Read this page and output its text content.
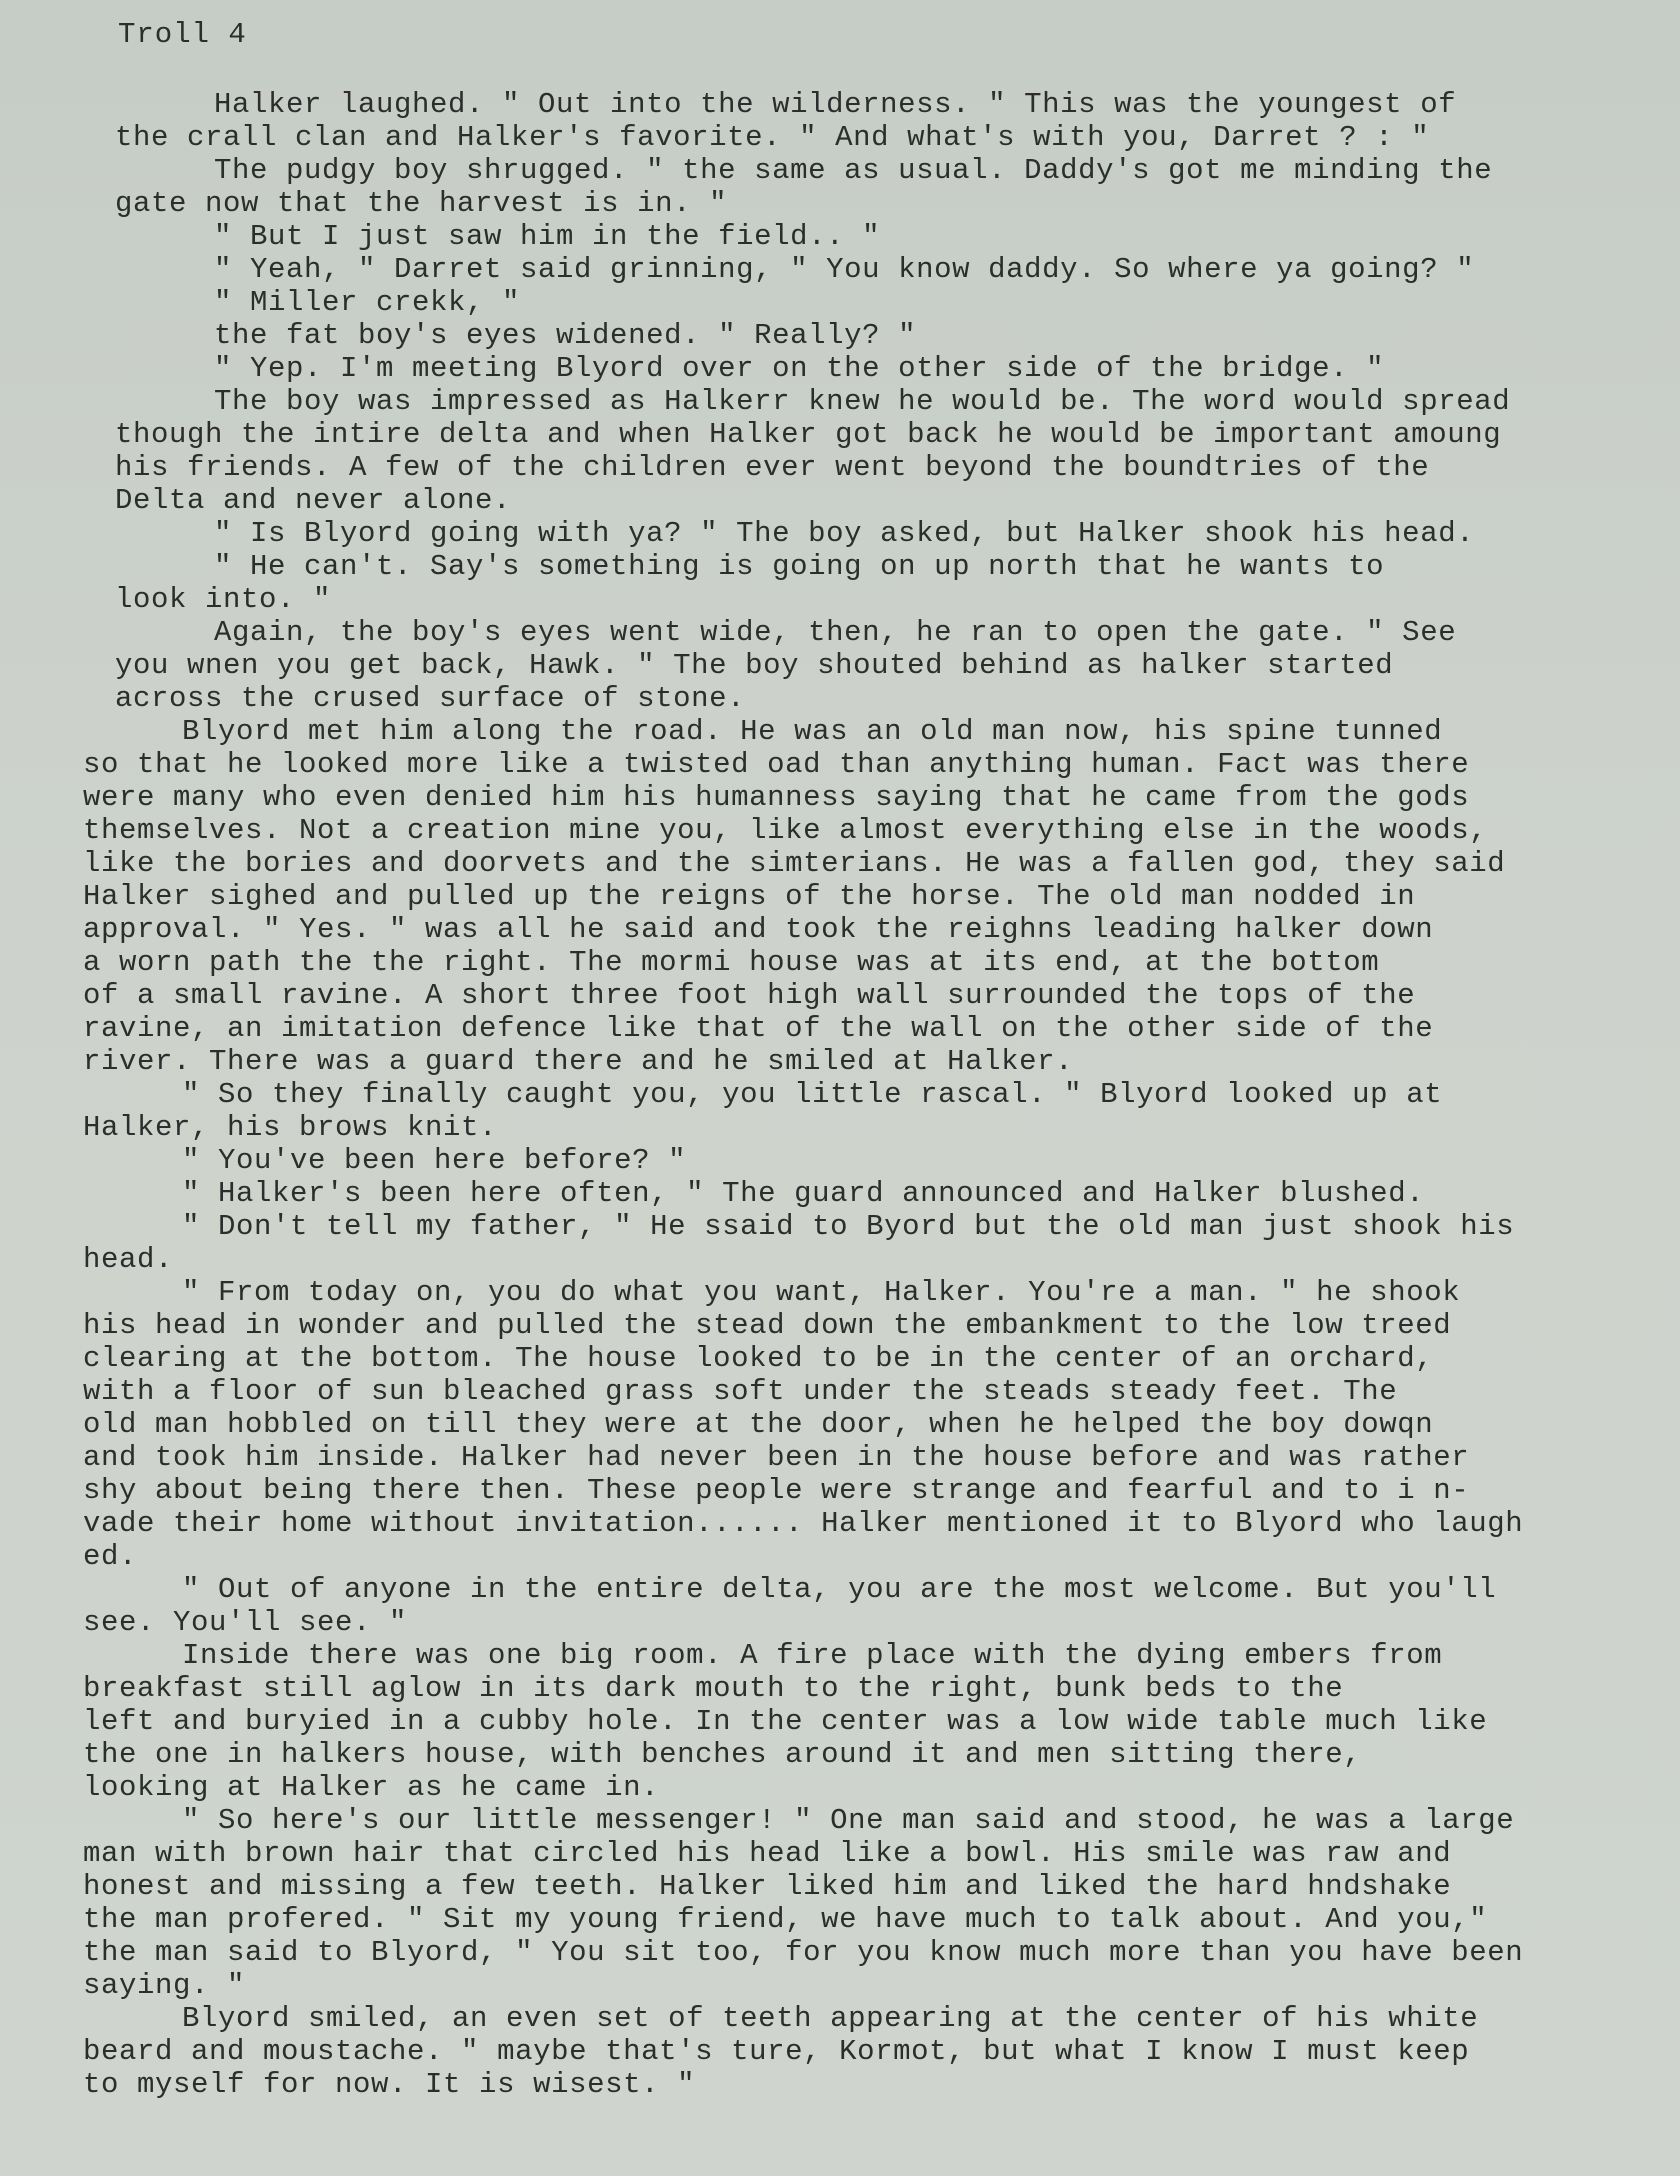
Troll 4
Halker laughed. " Out into the wilderness. " This was the youngest of
the crall clan and Halker's favorite. " And what's with you, Darret ? : "
The pudgy boy shrugged. " the same as usual. Daddy's got me minding the
gate now that the harvest is in. "
" But I just saw him in the field.. "
" Yeah, " Darret said grinning, " You know daddy. So where ya going? "
" Miller crekk, "
the fat boy's eyes widened. " Really? "
" Yep. I'm meeting Blyord over on the other side of the bridge. "
The boy was impressed as Halkerr knew he would be. The word would spread
though the intire delta and when Halker got back he would be important amoung
his friends. A few of the children ever went beyond the boundtries of the
Delta and never alone.
" Is Blyord going with ya? " The boy asked, but Halker shook his head.
" He can't. Say's something is going on up north that he wants to
look into. "
Again, the boy's eyes went wide, then, he ran to open the gate. " See
you wnen you get back, Hawk. " The boy shouted behind as halker started
across the crused surface of stone.
Blyord met him along the road. He was an old man now, his spine tunned
so that he looked more like a twisted oad than anything human. Fact was there
were many who even denied him his humanness saying that he came from the gods
themselves. Not a creation mine you, like almost everything else in the woods,
like the bories and doorvets and the simterians. He was a fallen god, they said
Halker sighed and pulled up the reigns of the horse. The old man nodded in
approval. " Yes. " was all he said and took the reighns leading halker down
a worn path the the right. The mormi house was at its end, at the bottom
of a small ravine. A short three foot high wall surrounded the tops of the
ravine, an imitation defence like that of the wall on the other side of the
river. There was a guard there and he smiled at Halker.
" So they finally caught you, you little rascal. " Blyord looked up at
Halker, his brows knit.
" You've been here before? "
" Halker's been here often, " The guard announced and Halker blushed.
" Don't tell my father, " He ssaid to Byord but the old man just shook his
head.
" From today on, you do what you want, Halker. You're a man. " he shook
his head in wonder and pulled the stead down the embankment to the low treed
clearing at the bottom. The house looked to be in the center of an orchard,
with a floor of sun bleached grass soft under the steads steady feet. The
old man hobbled on till they were at the door, when he helped the boy dowqn
and took him inside. Halker had never been in the house before and was rather
shy about being there then. These people were strange and fearful and to i n-
vade their home without invitation...... Halker mentioned it to Blyord who laugh
ed.
" Out of anyone in the entire delta, you are the most welcome. But you'll
see. You'll see. "
Inside there was one big room. A fire place with the dying embers from
breakfast still aglow in its dark mouth to the right, bunk beds to the
left and buryied in a cubby hole. In the center was a low wide table much like
the one in halkers house, with benches around it and men sitting there,
looking at Halker as he came in.
" So here's our little messenger! " One man said and stood, he was a large
man with brown hair that circled his head like a bowl. His smile was raw and
honest and missing a few teeth. Halker liked him and liked the hard hndshake
the man profered. " Sit my young friend, we have much to talk about. And you,"
the man said to Blyord, " You sit too, for you know much more than you have been
saying. "
Blyord smiled, an even set of teeth appearing at the center of his white
beard and moustache. " maybe that's ture, Kormot, but what I know I must keep
to myself for now. It is wisest. "
